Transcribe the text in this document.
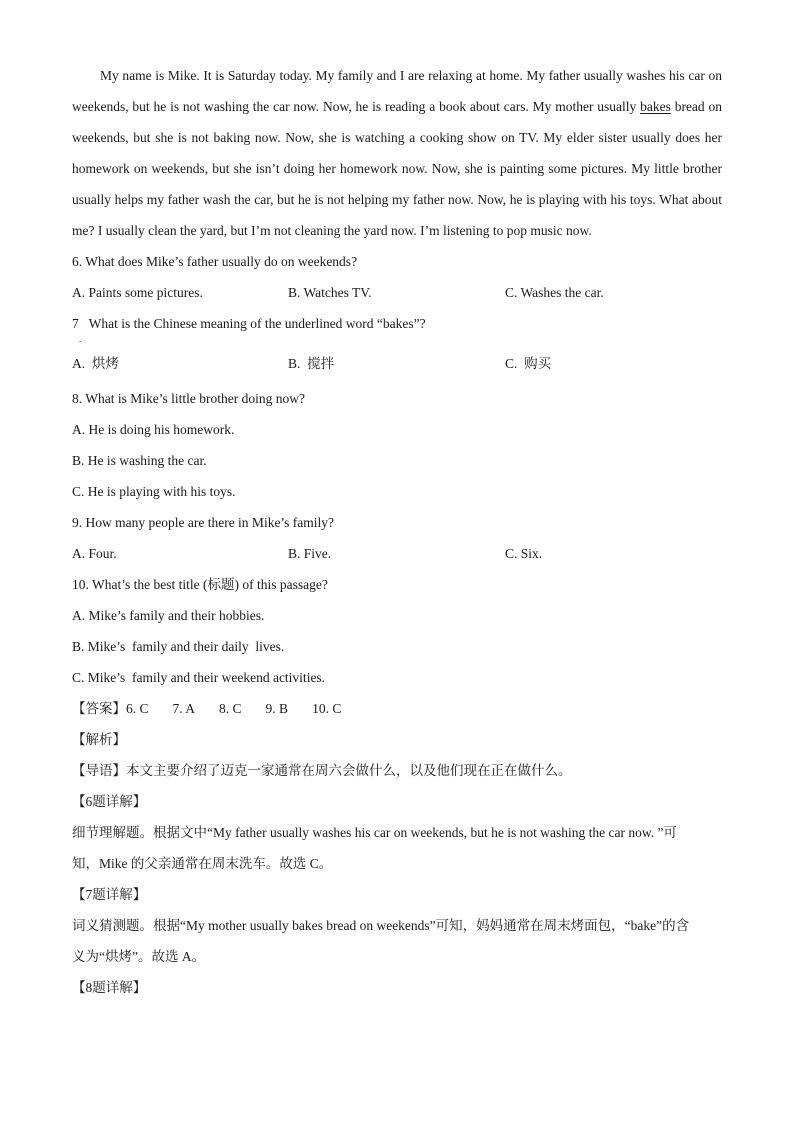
My name is Mike. It is Saturday today. My family and I are relaxing at home. My father usually washes his car on weekends, but he is not washing the car now. Now, he is reading a book about cars. My mother usually bakes bread on weekends, but she is not baking now. Now, she is watching a cooking show on TV. My elder sister usually does her homework on weekends, but she isn’t doing her homework now. Now, she is painting some pictures. My little brother usually helps my father wash the car, but he is not helping my father now. Now, he is playing with his toys. What about me? I usually clean the yard, but I’m not cleaning the yard now. I’m listening to pop music now.

6. What does Mike’s father usually do on weekends?
A. Paints some pictures.	B. Watches TV.	C. Washes the car.
7   What is the Chinese meaning of the underlined word “bakes”?
.
A.  烘烤	B.  搅拌	C.  购买
8. What is Mike’s little brother doing now?
A. He is doing his homework.
B. He is washing the car.
C. He is playing with his toys.
9. How many people are there in Mike’s family?
A. Four.	B. Five.	C. Six.
10. What’s the best title (标题) of this passage?
A. Mike’s family and their hobbies.
B. Mike’s  family and their daily  lives.
C. Mike’s  family and their weekend activities.
【答案】6. C 7. A 8. C 9. B 10. C
【解析】
【导语】本文主要介绍了迈克一家通常在周六会做什么，以及他们现在正在做什么。
【6题详解】
细节理解题。根据文中“My father usually washes his car on weekends, but he is not washing the car now. ”可
知，Mike 的父亲通常在周末洗车。故选 C。
【7题详解】
词义猜测题。根据“My mother usually bakes bread on weekends”可知，妈妈通常在周末烤面包，“bake”的含
义为“烘烤”。故选 A。
【8题详解】
